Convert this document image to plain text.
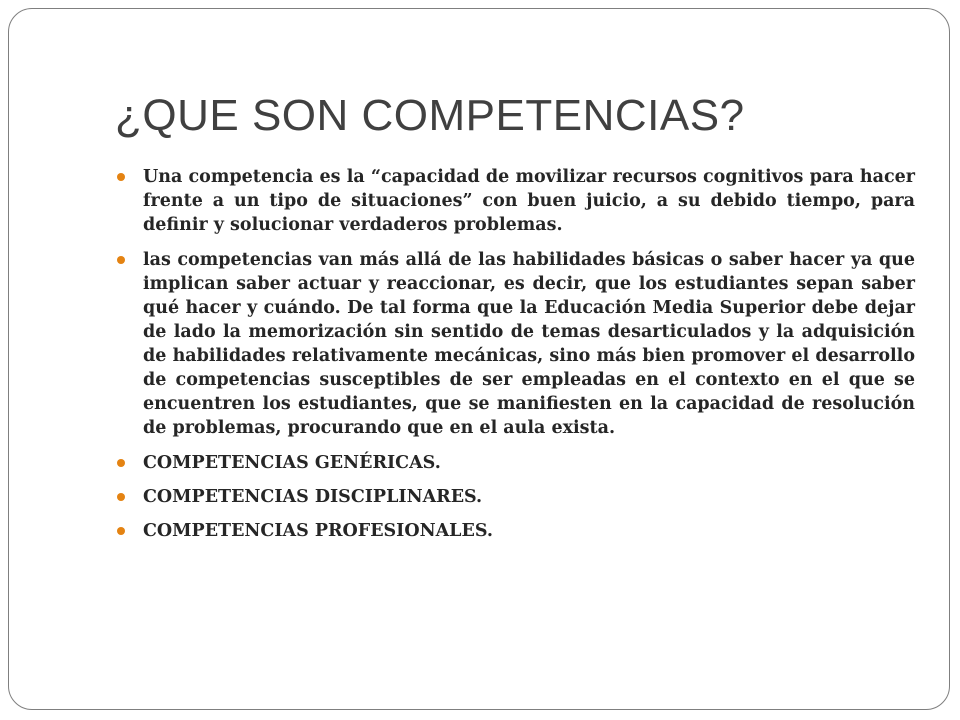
¿QUE SON COMPETENCIAS?
Una competencia es la “capacidad de movilizar recursos cognitivos para hacer frente a un tipo de situaciones” con buen juicio, a su debido tiempo, para definir y solucionar verdaderos problemas.
las competencias van más allá de las habilidades básicas o saber hacer ya que implican saber actuar y reaccionar, es decir, que los estudiantes sepan saber qué hacer y cuándo. De tal forma que la Educación Media Superior debe dejar de lado la memorización sin sentido de temas desarticulados y la adquisición de habilidades relativamente mecánicas, sino más bien promover el desarrollo de competencias susceptibles de ser empleadas en el contexto en el que se encuentren los estudiantes, que se manifiesten en la capacidad de resolución de problemas, procurando que en el aula exista.
COMPETENCIAS GENÉRICAS.
COMPETENCIAS DISCIPLINARES.
COMPETENCIAS PROFESIONALES.
